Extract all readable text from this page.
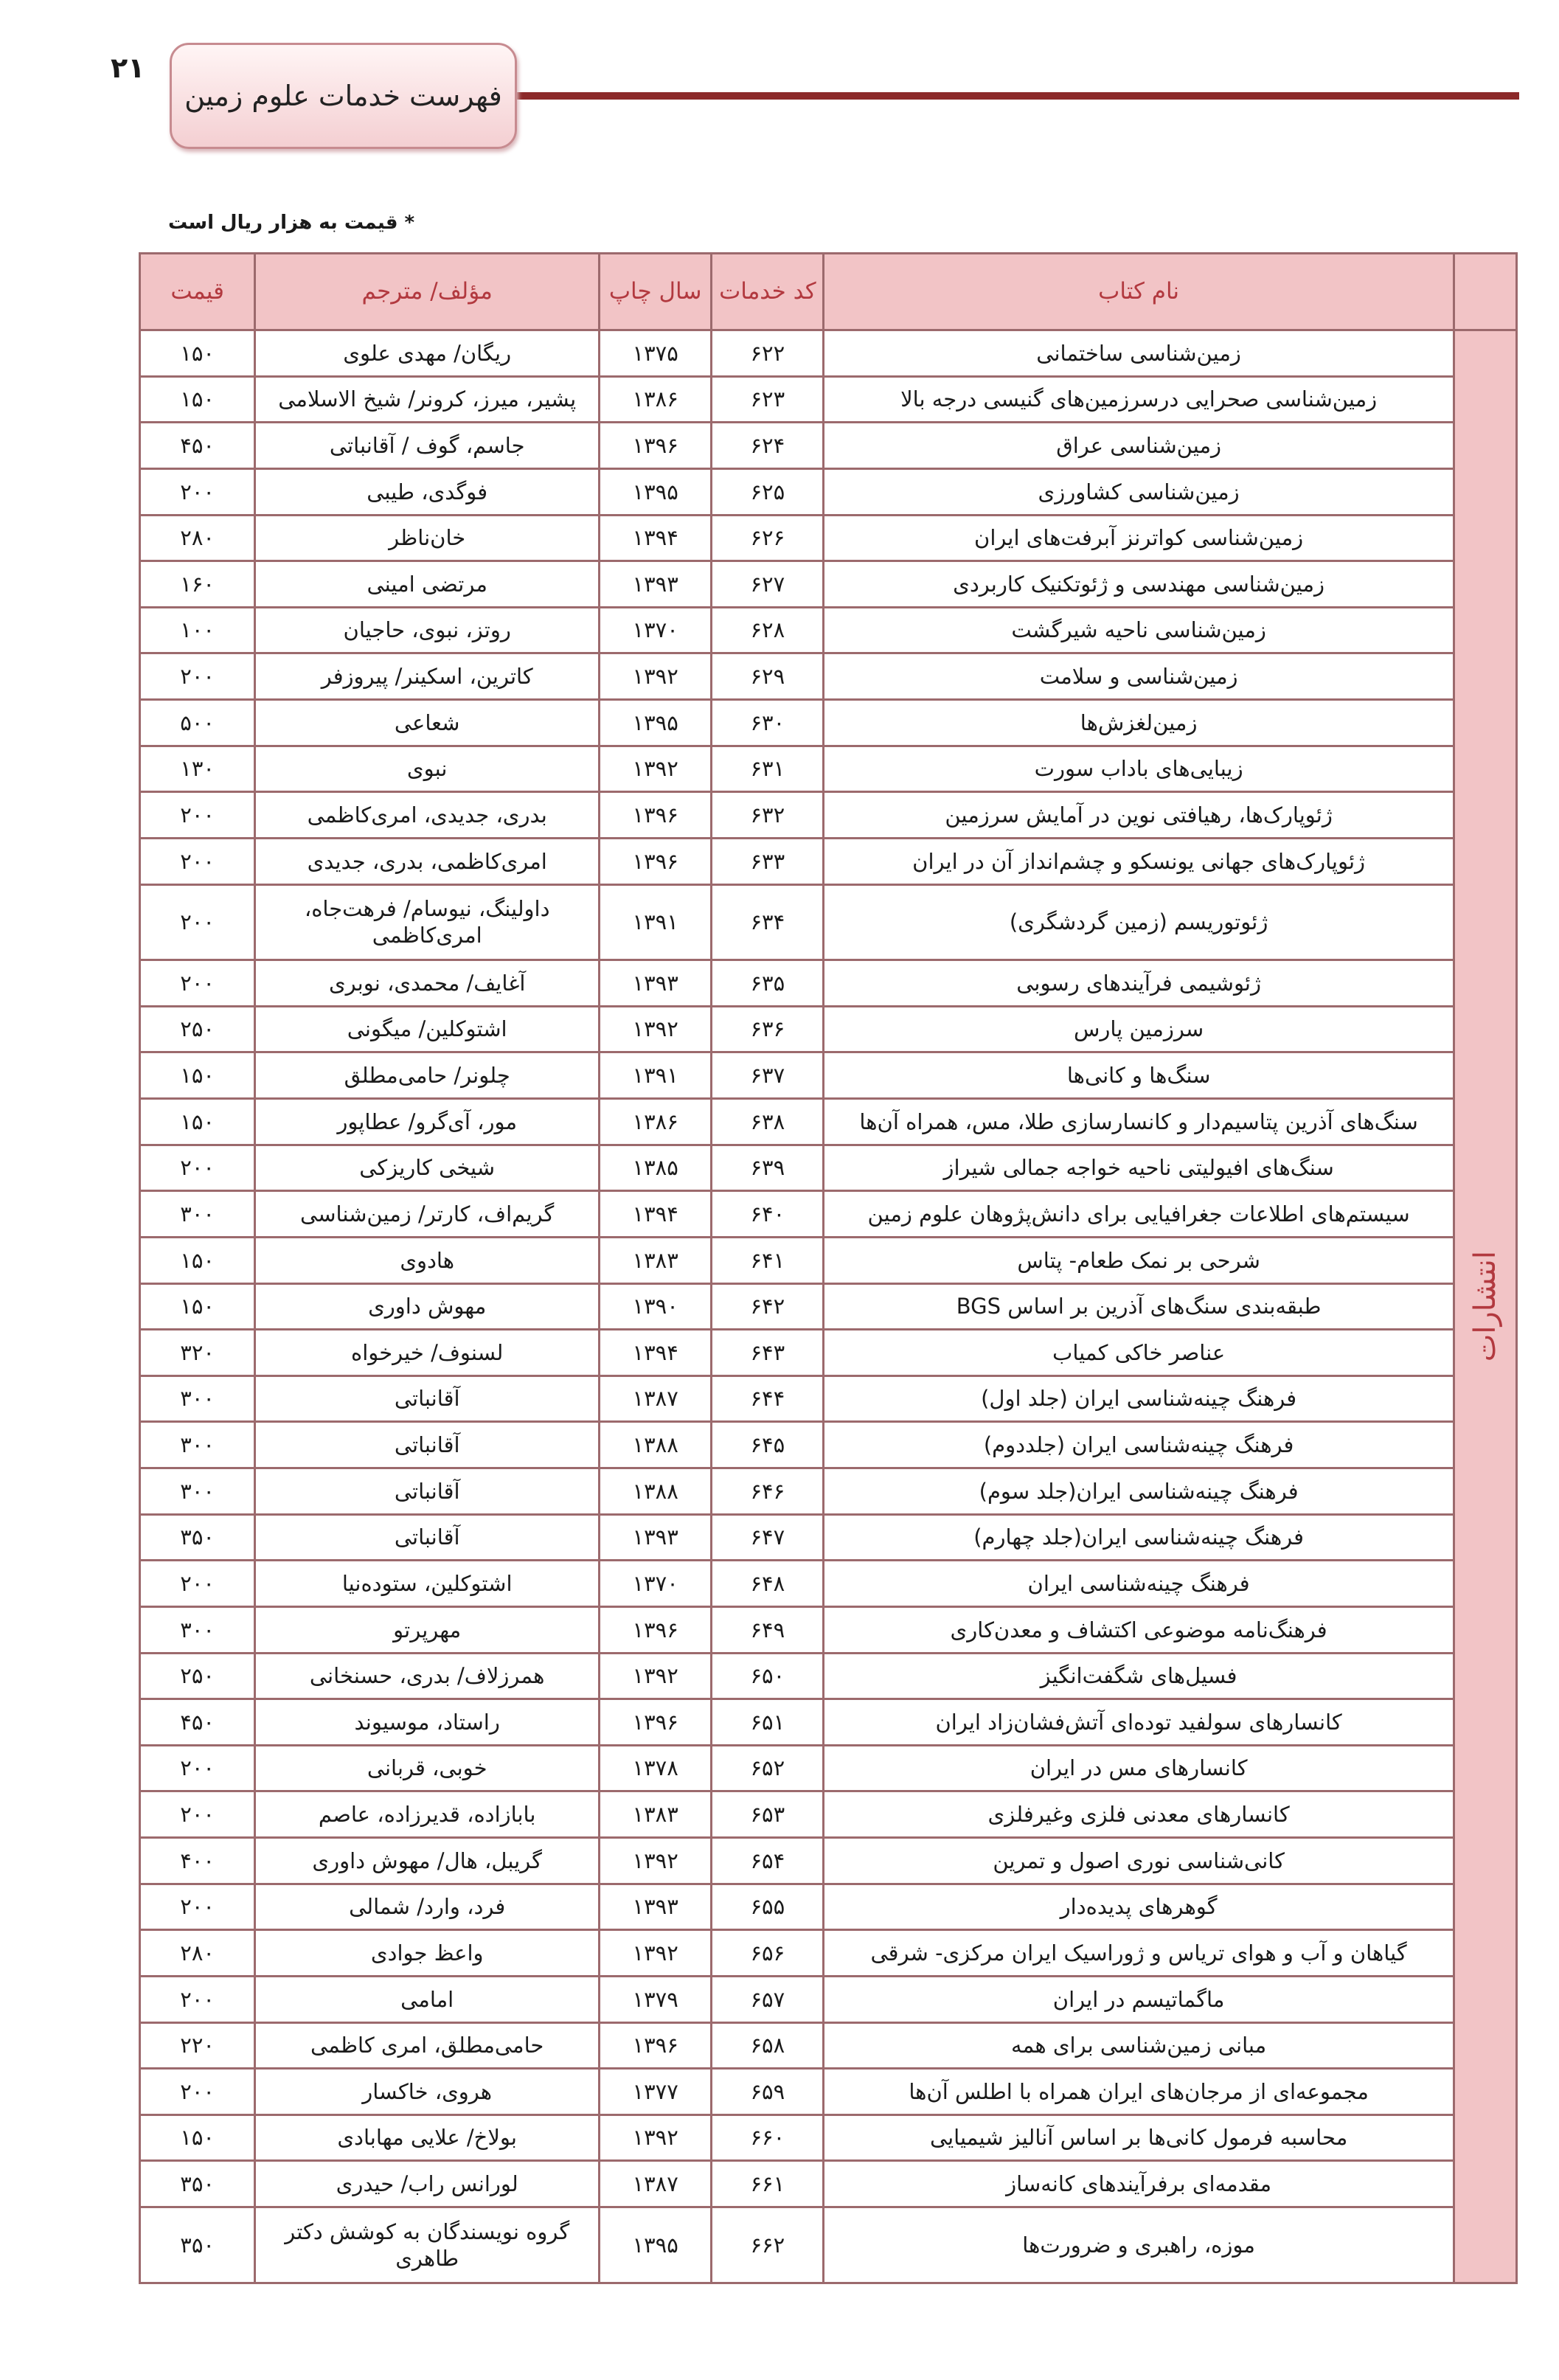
۲۱
فهرست خدمات علوم زمین
* قیمت به هزار ریال است
	نام کتاب	کد خدمات	سال چاپ	مؤلف/ مترجم	قیمت

انتشارات	زمین‌شناسی ساختمانی	۶۲۲	۱۳۷۵	ریگان/ مهدی علوی	۱۵۰
	زمین‌شناسی صحرایی درسرزمین‌های گنیسی درجه بالا	۶۲۳	۱۳۸۶	پشیر، میرز، کرونر/ شیخ الاسلامی	۱۵۰
	زمین‌شناسی عراق	۶۲۴	۱۳۹۶	جاسم، گوف / آقانباتی	۴۵۰
	زمین‌شناسی کشاورزی	۶۲۵	۱۳۹۵	فوگدی، طیبی	۲۰۰
	زمین‌شناسی کواترنز آبرفت‌های ایران	۶۲۶	۱۳۹۴	خان‌ناظر	۲۸۰
	زمین‌شناسی مهندسی و ژئوتکنیک کاربردی	۶۲۷	۱۳۹۳	مرتضی امینی	۱۶۰
	زمین‌شناسی ناحیه شیرگشت	۶۲۸	۱۳۷۰	روتز، نبوی، حاجیان	۱۰۰
	زمین‌شناسی و سلامت	۶۲۹	۱۳۹۲	کاترین، اسکینر/ پیروزفر	۲۰۰
	زمین‌لغزش‌ها	۶۳۰	۱۳۹۵	شعاعی	۵۰۰
	زیبایی‌های باداب سورت	۶۳۱	۱۳۹۲	نبوی	۱۳۰
	ژئوپارک‌ها، رهیافتی نوین در آمایش سرزمین	۶۳۲	۱۳۹۶	بدری، جدیدی، امری‌کاظمی	۲۰۰
	ژئوپارک‌های جهانی یونسکو و چشم‌انداز آن در ایران	۶۳۳	۱۳۹۶	امری‌کاظمی، بدری، جدیدی	۲۰۰
	ژئوتوریسم (زمین گردشگری)	۶۳۴	۱۳۹۱	داولینگ، نیوسام/ فرهت‌جاه، امری‌کاظمی	۲۰۰
	ژئوشیمی فرآیندهای رسوبی	۶۳۵	۱۳۹۳	آغایف/ محمدی، نوبری	۲۰۰
	سرزمین پارس	۶۳۶	۱۳۹۲	اشتوکلین/ میگونی	۲۵۰
	سنگ‌ها و کانی‌ها	۶۳۷	۱۳۹۱	چلونر/ حامی‌مطلق	۱۵۰
	سنگ‌های آذرین پتاسیم‌دار و کانسارسازی طلا، مس، همراه آن‌ها	۶۳۸	۱۳۸۶	مور، آی‌گرو/ عطاپور	۱۵۰
	سنگ‌های افیولیتی ناحیه خواجه جمالی شیراز	۶۳۹	۱۳۸۵	شیخی کاریزکی	۲۰۰
	سیستم‌های اطلاعات جغرافیایی برای دانش‌پژوهان علوم زمین	۶۴۰	۱۳۹۴	گریم‌اف، کارتر/ زمین‌شناسی	۳۰۰
	شرحی بر نمک طعام- پتاس	۶۴۱	۱۳۸۳	هادوی	۱۵۰
	طبقه‌بندی سنگ‌های آذرین بر اساس BGS	۶۴۲	۱۳۹۰	مهوش داوری	۱۵۰
	عناصر خاکی کمیاب	۶۴۳	۱۳۹۴	لسنوف/ خیرخواه	۳۲۰
	فرهنگ چینه‌شناسی ایران (جلد اول)	۶۴۴	۱۳۸۷	آقانباتی	۳۰۰
	فرهنگ چینه‌شناسی ایران (جلددوم)	۶۴۵	۱۳۸۸	آقانباتی	۳۰۰
	فرهنگ چینه‌شناسی ایران(جلد سوم)	۶۴۶	۱۳۸۸	آقانباتی	۳۰۰
	فرهنگ چینه‌شناسی ایران(جلد چهارم)	۶۴۷	۱۳۹۳	آقانباتی	۳۵۰
	فرهنگ چینه‌شناسی ایران	۶۴۸	۱۳۷۰	اشتوکلین، ستوده‌نیا	۲۰۰
	فرهنگ‌نامه موضوعی اکتشاف و معدن‌کاری	۶۴۹	۱۳۹۶	مهرپرتو	۳۰۰
	فسیل‌های شگفت‌انگیز	۶۵۰	۱۳۹۲	همرزلاف/ بدری، حسنخانی	۲۵۰
	کانسارهای سولفید توده‌ای آتش‌فشان‌زاد ایران	۶۵۱	۱۳۹۶	راستاد، موسیوند	۴۵۰
	کانسارهای مس در ایران	۶۵۲	۱۳۷۸	خوبی، قربانی	۲۰۰
	کانسارهای معدنی فلزی وغیرفلزی	۶۵۳	۱۳۸۳	بابازاده، قدیرزاده، عاصم	۲۰۰
	کانی‌شناسی نوری اصول و تمرین	۶۵۴	۱۳۹۲	گریبل، هال/ مهوش داوری	۴۰۰
	گوهرهای پدیده‌دار	۶۵۵	۱۳۹۳	فرد، وارد/ شمالی	۲۰۰
	گیاهان و آب و هوای تریاس و ژوراسیک ایران مرکزی- شرقی	۶۵۶	۱۳۹۲	واعظ جوادی	۲۸۰
	ماگماتیسم در ایران	۶۵۷	۱۳۷۹	امامی	۲۰۰
	مبانی زمین‌شناسی برای همه	۶۵۸	۱۳۹۶	حامی‌مطلق، امری کاظمی	۲۲۰
	مجموعه‌ای از مرجان‌های ایران همراه با اطلس آن‌ها	۶۵۹	۱۳۷۷	هروی، خاکسار	۲۰۰
	محاسبه فرمول کانی‌ها بر اساس آنالیز شیمیایی	۶۶۰	۱۳۹۲	بولاخ/ علایی مهابادی	۱۵۰
	مقدمه‌ای برفرآیندهای کانه‌ساز	۶۶۱	۱۳۸۷	لورانس راب/ حیدری	۳۵۰
	موزه، راهبری و ضرورت‌ها	۶۶۲	۱۳۹۵	گروه نویسندگان به کوشش دکتر طاهری	۳۵۰
